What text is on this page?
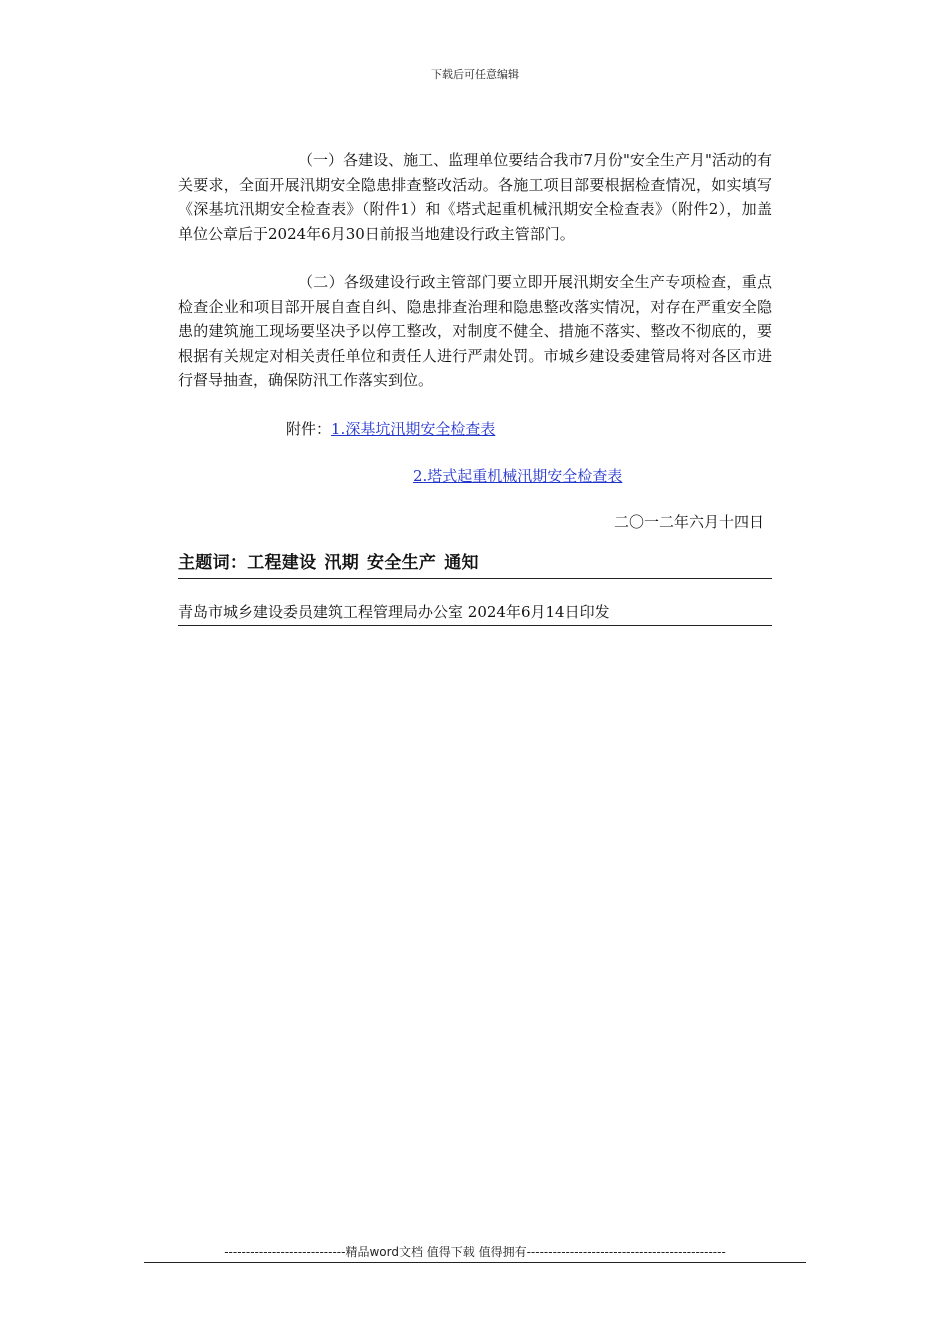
下载后可任意编辑

（一）各建设、施工、监理单位要结合我市7月份"安全生产月"活动的有关要求，全面开展汛期安全隐患排查整改活动。各施工项目部要根据检查情况，如实填写《深基坑汛期安全检查表》（附件1）和《塔式起重机械汛期安全检查表》（附件2），加盖单位公章后于2024年6月30日前报当地建设行政主管部门。

（二）各级建设行政主管部门要立即开展汛期安全生产专项检查，重点检查企业和项目部开展自查自纠、隐患排查治理和隐患整改落实情况，对存在严重安全隐患的建筑施工现场要坚决予以停工整改，对制度不健全、措施不落实、整改不彻底的，要根据有关规定对相关责任单位和责任人进行严肃处罚。市城乡建设委建管局将对各区市进行督导抽查，确保防汛工作落实到位。

附件：1.深基坑汛期安全检查表
2.塔式起重机械汛期安全检查表
二〇一二年六月十四日
主题词：工程建设 汛期 安全生产 通知
青岛市城乡建设委员建筑工程管理局办公室 2024年6月14日印发
----------------------------精品word文档 值得下载 值得拥有----------------------------------------------
